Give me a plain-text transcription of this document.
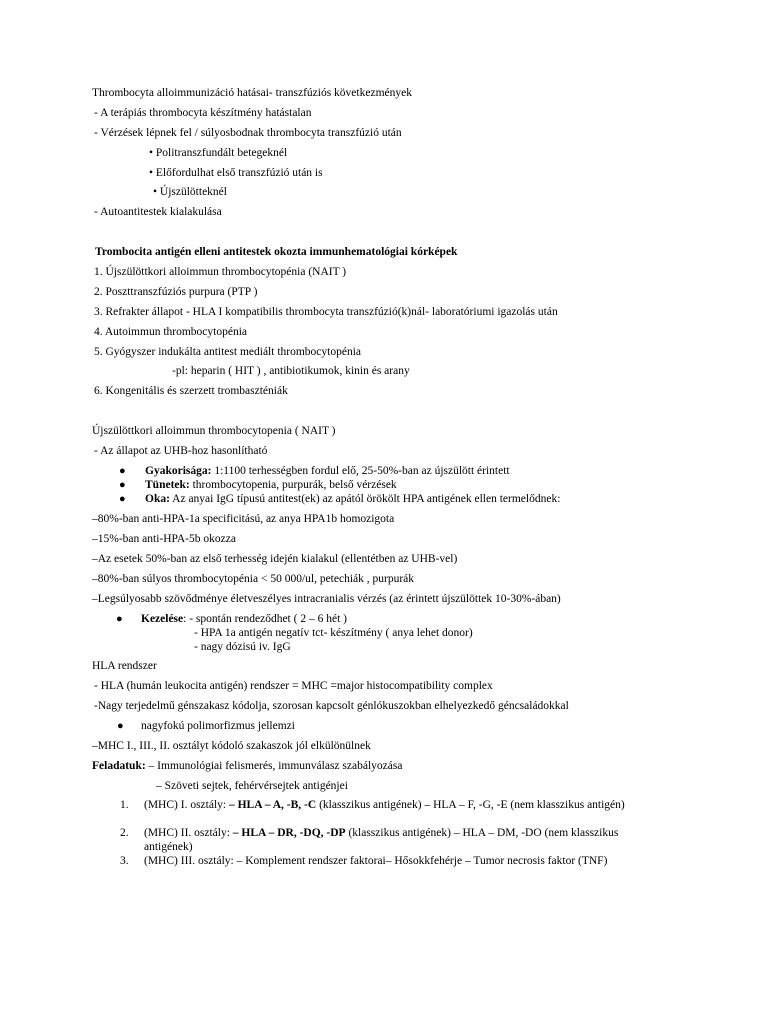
Thrombocyta alloimmunizáció hatásai- transzfúziós következmények
- A terápiás thrombocyta készítmény hatástalan
- Vérzések lépnek fel / súlyosbodnak thrombocyta transzfúzió után
• Politranszfundált betegeknél
• Előfordulhat első transzfúzió után is
• Újszülötteknél
- Autoantitestek kialakulása
Trombocita antigén elleni antitestek okozta immunhematológiai kórképek
1. Újszülöttkori alloimmun thrombocytopénia (NAIT )
2. Poszttranszfúziós purpura (PTP )
3. Refrakter állapot - HLA I kompatibilis thrombocyta transzfúzió(k)nál- laboratóriumi igazolás után
4. Autoimmun thrombocytopénia
5. Gyógyszer indukálta antitest mediált thrombocytopénia
-pl: heparin ( HIT ) , antibiotikumok, kinin és arany
6. Kongenitális és szerzett trombaszténiák
Újszülöttkori alloimmun thrombocytopenia ( NAIT )
- Az állapot az UHB-hoz hasonlítható
● Gyakorisága: 1:1100 terhességben fordul elő, 25-50%-ban az újszülött érintett
● Tünetek: thrombocytopenia, purpurák, belső vérzések
● Oka: Az anyai IgG típusú antitest(ek) az apától örökölt HPA antigének ellen termelődnek:
–80%-ban anti-HPA-1a specificitású, az anya HPA1b homozigota
–15%-ban anti-HPA-5b okozza
–Az esetek 50%-ban az első terhesség idején kialakul (ellentétben az UHB-vel)
–80%-ban súlyos thrombocytopénia < 50 000/ul, petechiák , purpurák
–Legsúlyosabb szövődménye életveszélyes intracranialis vérzés (az érintett újszülöttek 10-30%-ában)
● Kezelése: - spontán rendeződhet ( 2 – 6 hét )
- HPA 1a antigén negatív tct- készítmény ( anya lehet donor)
- nagy dózisú iv. IgG
HLA rendszer
- HLA (humán leukocita antigén) rendszer = MHC =major histocompatibility complex
-Nagy terjedelmű génszakasz kódolja, szorosan kapcsolt génlókuszokban elhelyezkedő géncsaládokkal
● nagyfokú polimorfizmus jellemzi
–MHC I., III., II. osztályt kódoló szakaszok jól elkülönülnek
Feladatuk: – Immunológiai felismerés, immunválasz szabályozása
– Szöveti sejtek, fehérvérsejtek antigénjei
1. (MHC) I. osztály: – HLA – A, -B, -C (klasszikus antigének) – HLA – F, -G, -E (nem klasszikus antigén)
2. (MHC) II. osztály: – HLA – DR, -DQ, -DP (klasszikus antigének) – HLA – DM, -DO (nem klasszikus antigének)
3. (MHC) III. osztály: – Komplement rendszer faktorai– Hősokkfehérje – Tumor necrosis faktor (TNF)
